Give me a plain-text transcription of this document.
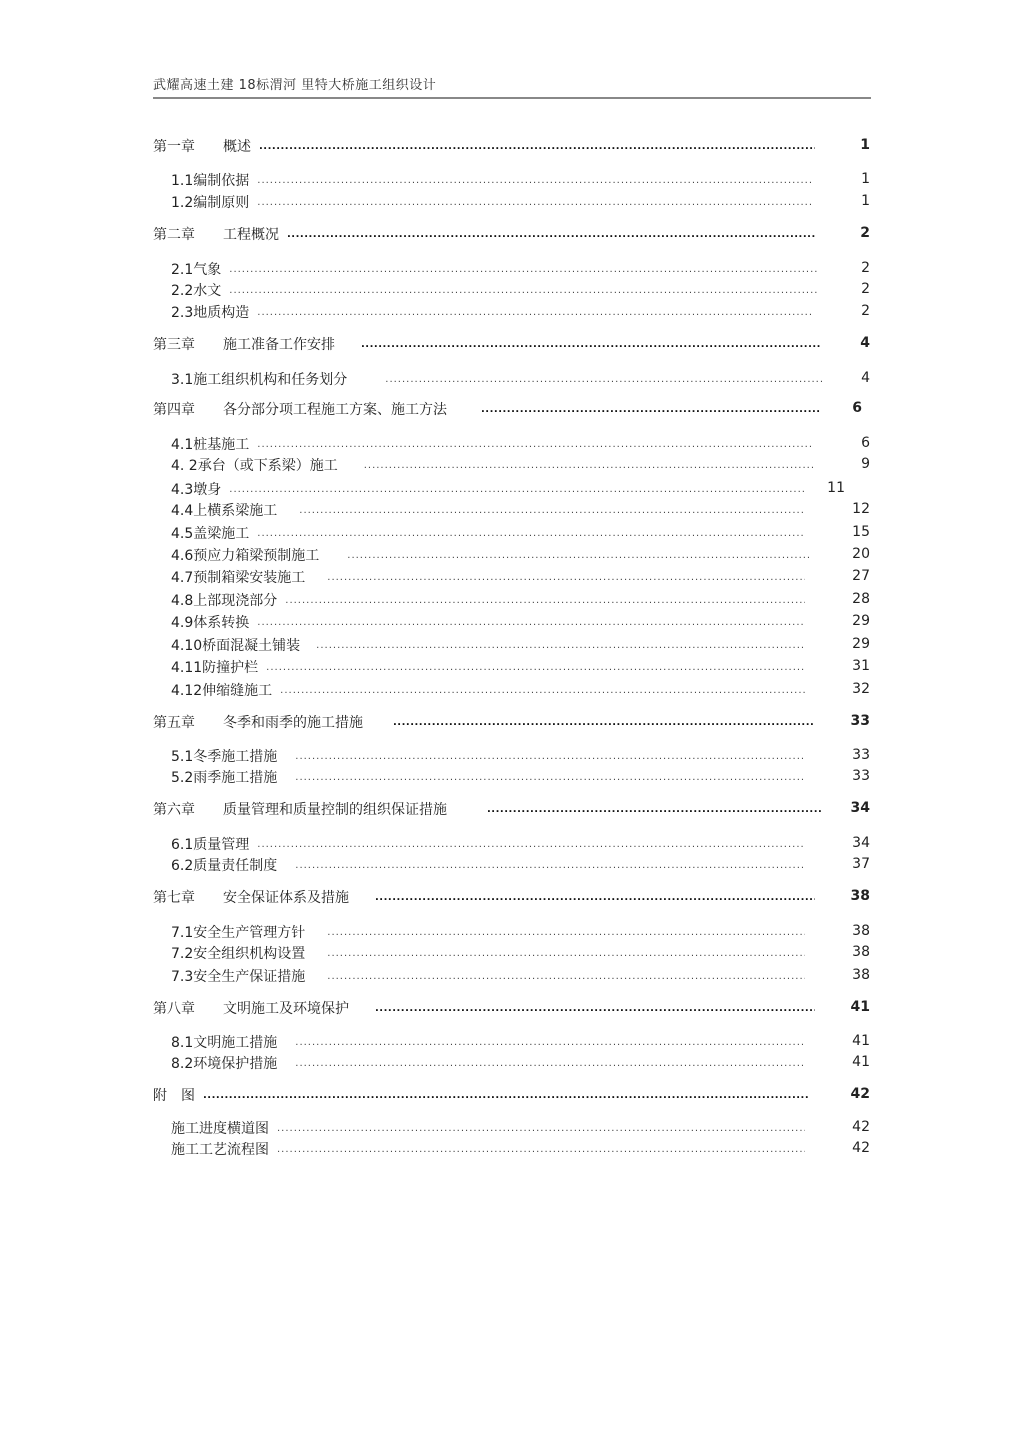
武耀高速土建 18标渭河 里特大桥施工组织设计
第一章 概述 .....	1
1.1编制依据 .....	1
1.2编制原则 .....	1
第二章 工程概况 .....	2
2.1气象 .....	2
2.2水文 .....	2
2.3地质构造 .....	2
第三章 施工准备工作安排 .....	4
3.1施工组织机构和任务划分 .....	4
第四章 各分部分项工程施工方案、施工方法 .....	6
4.1桩基施工 .....	6
4. 2承台（或下系梁）施工 .....	9
4.3墩身 .....	11
4.4上横系梁施工 .....	12
4.5盖梁施工 .....	15
4.6预应力箱梁预制施工 .....	20
4.7预制箱梁安装施工 .....	27
4.8上部现浇部分 .....	28
4.9体系转换 .....	29
4.10桥面混凝土铺装 .....	29
4.11防撞护栏 .....	31
4.12伸缩缝施工 .....	32
第五章 冬季和雨季的施工措施 .....	33
5.1冬季施工措施 .....	33
5.2雨季施工措施 .....	33
第六章 质量管理和质量控制的组织保证措施 .....	34
6.1质量管理 .....	34
6.2质量责任制度 .....	37
第七章 安全保证体系及措施 .....	38
7.1安全生产管理方针 .....	38
7.2安全组织机构设置 .....	38
7.3安全生产保证措施 .....	38
第八章 文明施工及环境保护 .....	41
8.1文明施工措施 .....	41
8.2环境保护措施 .....	41
附　图 .....	42
施工进度横道图 .....	42
施工工艺流程图 .....	42
